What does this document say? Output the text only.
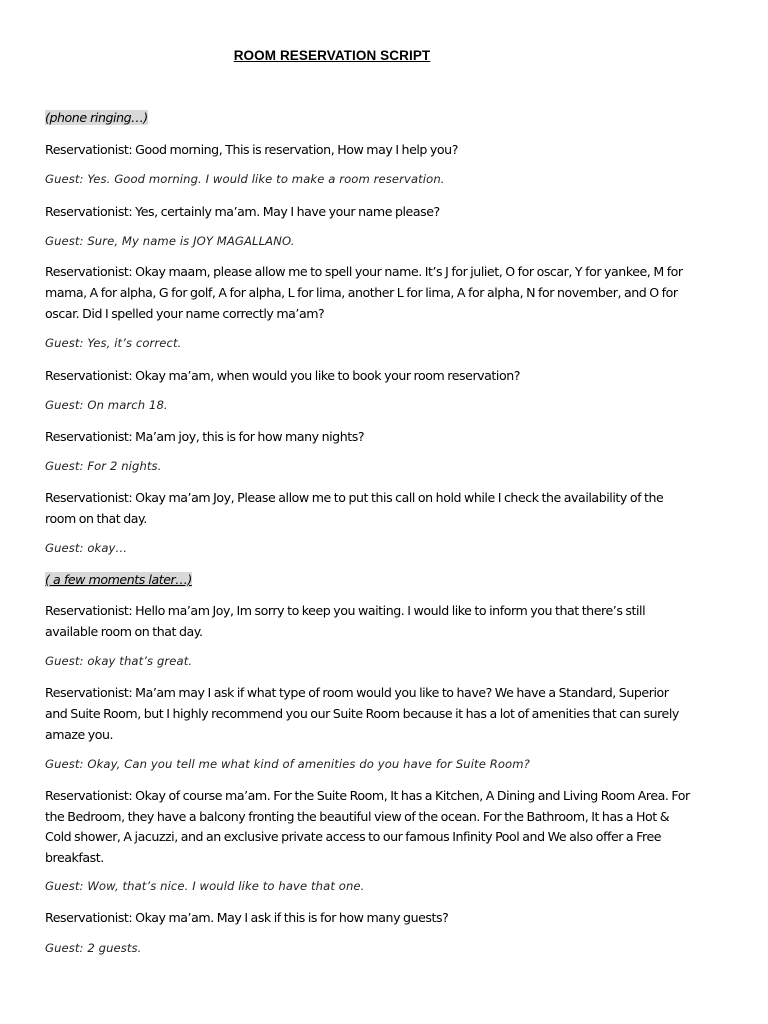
ROOM RESERVATION SCRIPT
(phone ringing…)
Reservationist: Good morning, This is reservation, How may I help you?
Guest: Yes. Good morning. I would like to make a room reservation.
Reservationist: Yes, certainly ma’am. May I have your name please?
Guest: Sure, My name is JOY MAGALLANO.
Reservationist: Okay maam, please allow me to spell your name. It’s J for juliet, O for oscar, Y for yankee, M for
mama, A for alpha, G for golf, A for alpha, L for lima, another L for lima, A for alpha, N for november, and O for
oscar. Did I spelled your name correctly ma’am?
Guest: Yes, it’s correct.
Reservationist: Okay ma’am, when would you like to book your room reservation?
Guest: On march 18.
Reservationist: Ma’am joy, this is for how many nights?
Guest: For 2 nights.
Reservationist: Okay ma’am Joy, Please allow me to put this call on hold while I check the availability of the
room on that day.
Guest: okay…
( a few moments later…)
Reservationist: Hello ma’am Joy, Im sorry to keep you waiting. I would like to inform you that there’s still
available room on that day.
Guest: okay that’s great.
Reservationist: Ma’am may I ask if what type of room would you like to have? We have a Standard, Superior
and Suite Room, but I highly recommend you our Suite Room because it has a lot of amenities that can surely
amaze you.
Guest: Okay, Can you tell me what kind of amenities do you have for Suite Room?
Reservationist: Okay of course ma’am. For the Suite Room, It has a Kitchen, A Dining and Living Room Area. For
the Bedroom, they have a balcony fronting the beautiful view of the ocean. For the Bathroom, It has a Hot &
Cold shower, A jacuzzi, and an exclusive private access to our famous Infinity Pool and We also offer a Free
breakfast.
Guest: Wow, that’s nice. I would like to have that one.
Reservationist: Okay ma’am. May I ask if this is for how many guests?
Guest: 2 guests.
